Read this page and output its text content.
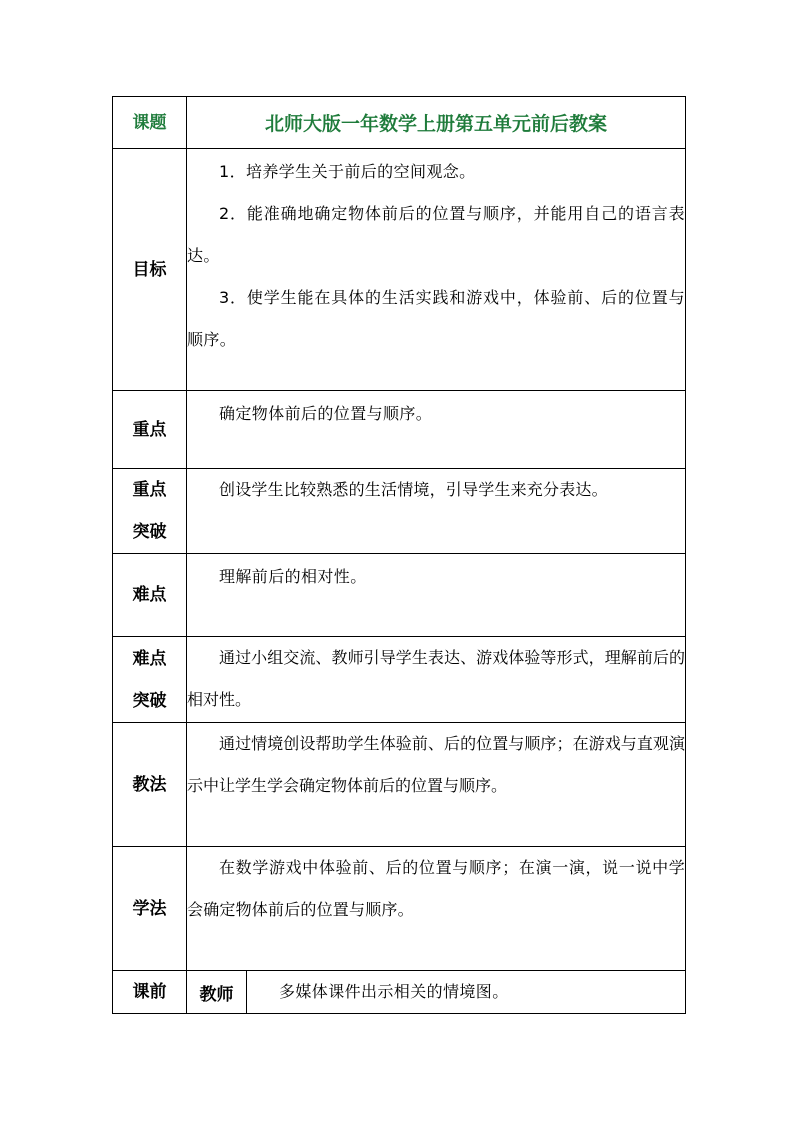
课题	北师大版一年数学上册第五单元前后教案	
目标	1．培养学生关于前后的空间观念。

2．能准确地确定物体前后的位置与顺序，并能用自己的语言表达。

3．使学生能在具体的生活实践和游戏中，体验前、后的位置与顺序。	

重点	确定物体前后的位置与顺序。	

重点
突破	创设学生比较熟悉的生活情境，引导学生来充分表达。	

难点	理解前后的相对性。	

难点
突破	通过小组交流、教师引导学生表达、游戏体验等形式，理解前后的相对性。	

教法	通过情境创设帮助学生体验前、后的位置与顺序；在游戏与直观演示中让学生学会确定物体前后的位置与顺序。	

学法	在数学游戏中体验前、后的位置与顺序；在演一演，说一说中学会确定物体前后的位置与顺序。	

课前	教师	多媒体课件出示相关的情境图。
